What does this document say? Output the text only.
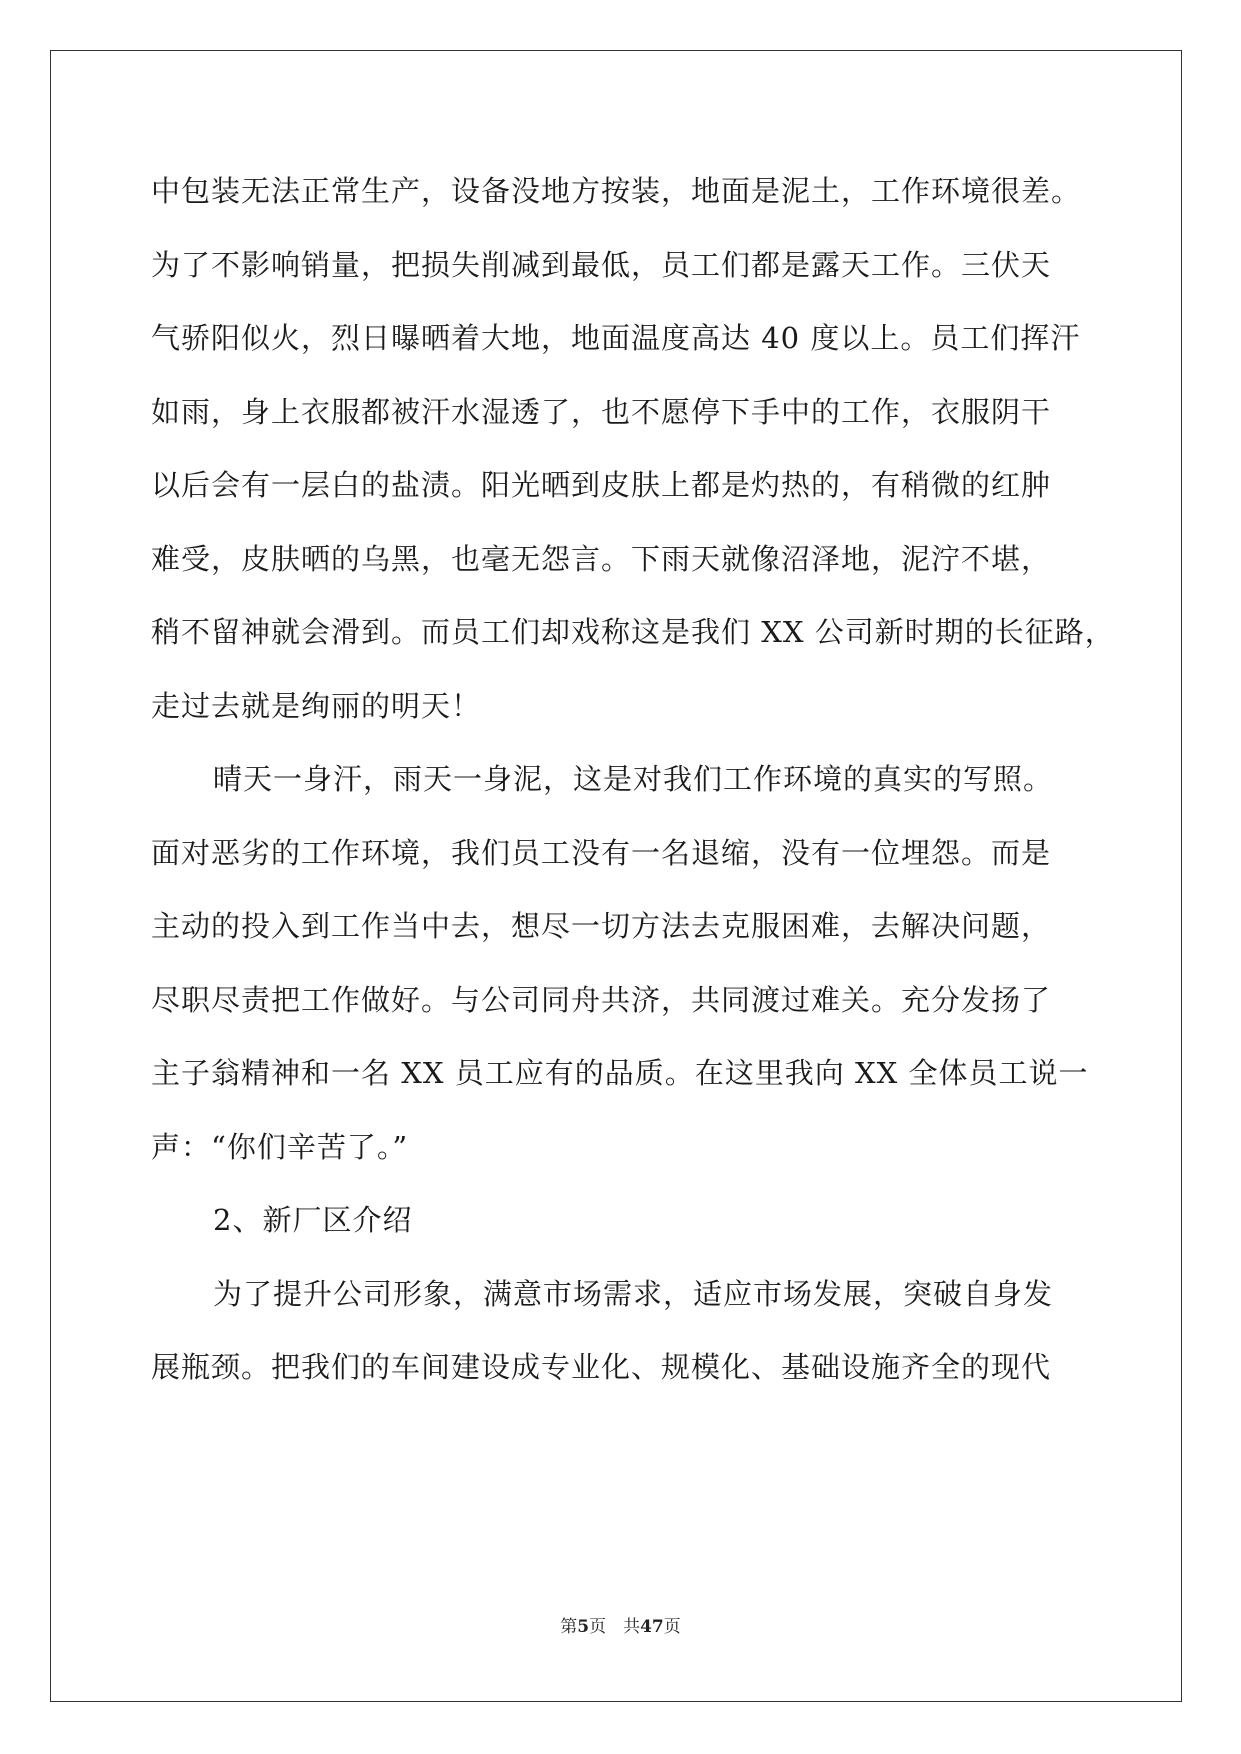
中包装无法正常生产，设备没地方按装，地面是泥土，工作环境很差。
为了不影响销量，把损失削减到最低，员工们都是露天工作。三伏天
气骄阳似火，烈日曝晒着大地，地面温度高达 40 度以上。员工们挥汗
如雨，身上衣服都被汗水湿透了，也不愿停下手中的工作，衣服阴干
以后会有一层白的盐渍。阳光晒到皮肤上都是灼热的，有稍微的红肿
难受，皮肤晒的乌黑，也毫无怨言。下雨天就像沼泽地，泥泞不堪，
稍不留神就会滑到。而员工们却戏称这是我们 XX 公司新时期的长征路，
走过去就是绚丽的明天！
晴天一身汗，雨天一身泥，这是对我们工作环境的真实的写照。
面对恶劣的工作环境，我们员工没有一名退缩，没有一位埋怨。而是
主动的投入到工作当中去，想尽一切方法去克服困难，去解决问题，
尽职尽责把工作做好。与公司同舟共济，共同渡过难关。充分发扬了
主子翁精神和一名 XX 员工应有的品质。在这里我向 XX 全体员工说一
声：“你们辛苦了。”
2、新厂区介绍
为了提升公司形象，满意市场需求，适应市场发展，突破自身发
展瓶颈。把我们的车间建设成专业化、规模化、基础设施齐全的现代
第5页　共47页
